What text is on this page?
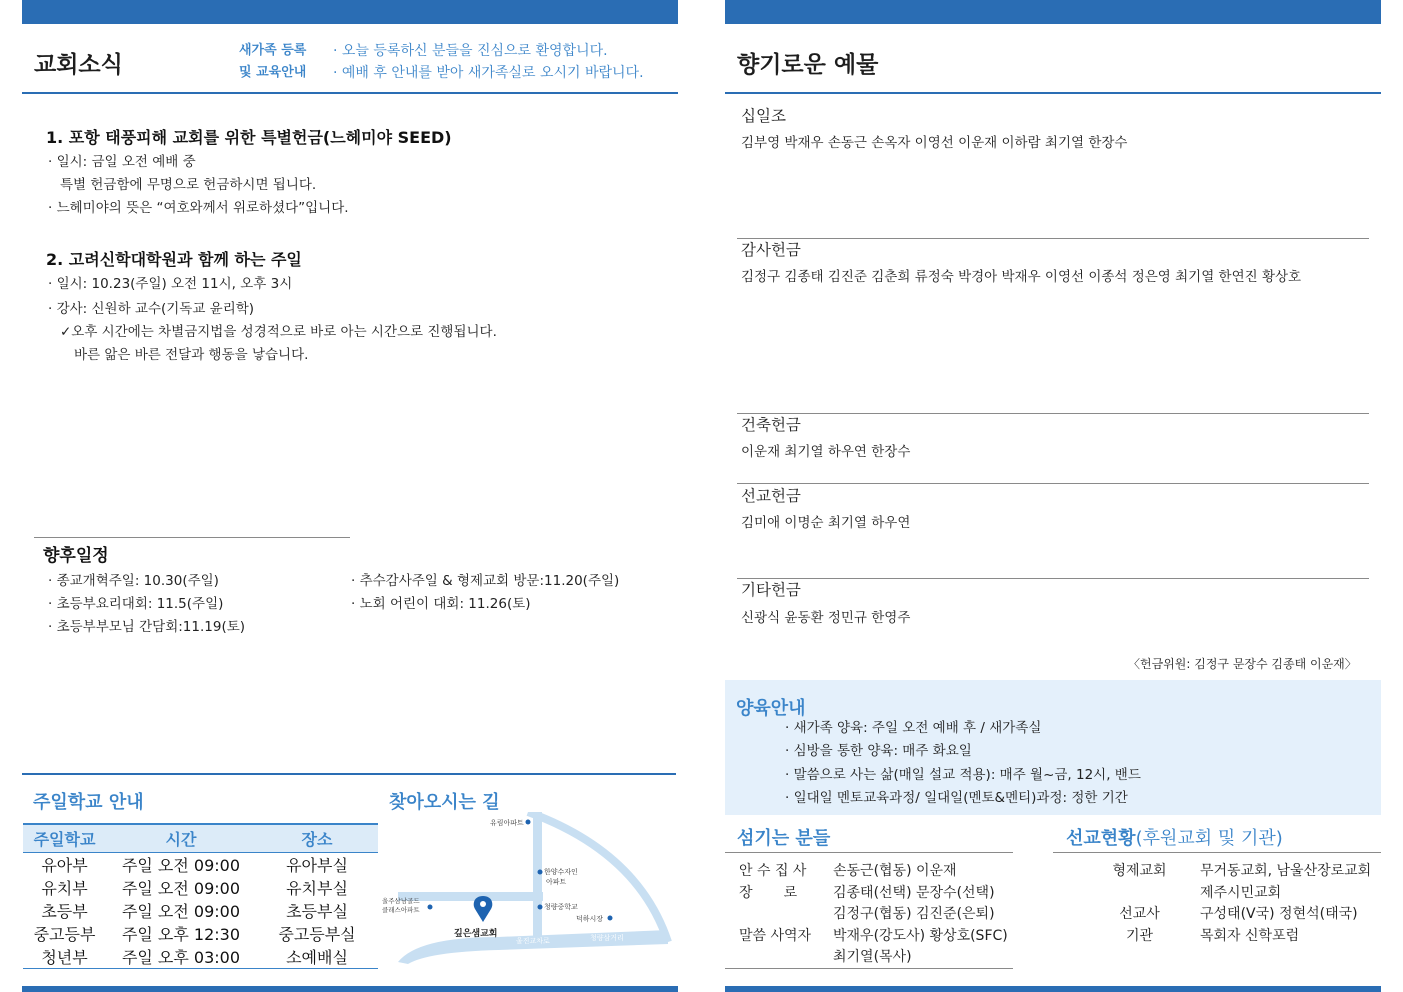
교회소식
새가족 등록
및 교육안내
· 오늘 등록하신 분들을 진심으로 환영합니다.
· 예배 후 안내를 받아 새가족실로 오시기 바랍니다.
1. 포항 태풍피해 교회를 위한 특별헌금(느헤미야 SEED)
· 일시: 금일 오전 예배 중
특별 헌금함에 무명으로 헌금하시면 됩니다.
· 느헤미야의 뜻은 “여호와께서 위로하셨다”입니다.
2. 고려신학대학원과 함께 하는 주일
· 일시: 10.23(주일) 오전 11시, 오후 3시
· 강사: 신원하 교수(기독교 윤리학)
✓오후 시간에는 차별금지법을 성경적으로 바로 아는 시간으로 진행됩니다.
바른 앎은 바른 전달과 행동을 낳습니다.
향후일정
· 종교개혁주일: 10.30(주일)
· 초등부요리대회: 11.5(주일)
· 초등부부모님 간담회:11.19(토)
· 추수감사주일 & 형제교회 방문:11.20(주일)
· 노회 어린이 대회: 11.26(토)
주일학교 안내
주일학교	시간	장소
유아부	주일 오전 09:00	유아부실
유치부	주일 오전 09:00	유치부실
초등부	주일 오전 09:00	초등부실
중고등부	주일 오후 12:30	중고등부실
청년부	주일 오후 03:00	소예배실
찾아오시는 길
유림아파트
한양수자인
아파트
청량중학교
덕하시장
울주삼남골드
클래스아파트
깊은샘교회
울진교차로	청량삼거리
향기로운 예물
십일조
김부영 박재우 손동근 손옥자 이영선 이운재 이하람 최기열 한장수
감사헌금
김정구 김종태 김진준 김춘희 류정숙 박경아 박재우 이영선 이종석 정은영 최기열 한연진 황상호
건축헌금
이운재 최기열 하우연 한장수
선교헌금
김미애 이명순 최기열 하우연
기타헌금
신광식 윤동환 정민규 한영주
〈헌금위원: 김정구 문장수 김종태 이운재〉
양육안내
· 새가족 양육: 주일 오전 예배 후 / 새가족실
· 심방을 통한 양육: 매주 화요일
· 말씀으로 사는 삶(매일 설교 적용): 매주 월~금, 12시, 밴드
· 일대일 멘토교육과정/ 일대일(멘토&멘티)과정: 정한 기간
섬기는 분들
안 수 집 사	손동근(협동) 이운재
장       로	김종태(선택) 문장수(선택)
	김정구(협동) 김진준(은퇴)
말씀 사역자	박재우(강도사) 황상호(SFC)
	최기열(목사)
선교현황(후원교회 및 기관)
형제교회	무거동교회, 남울산장로교회
	제주시민교회
선교사	구성태(V국) 정현석(태국)
기관	목회자 신학포럼
